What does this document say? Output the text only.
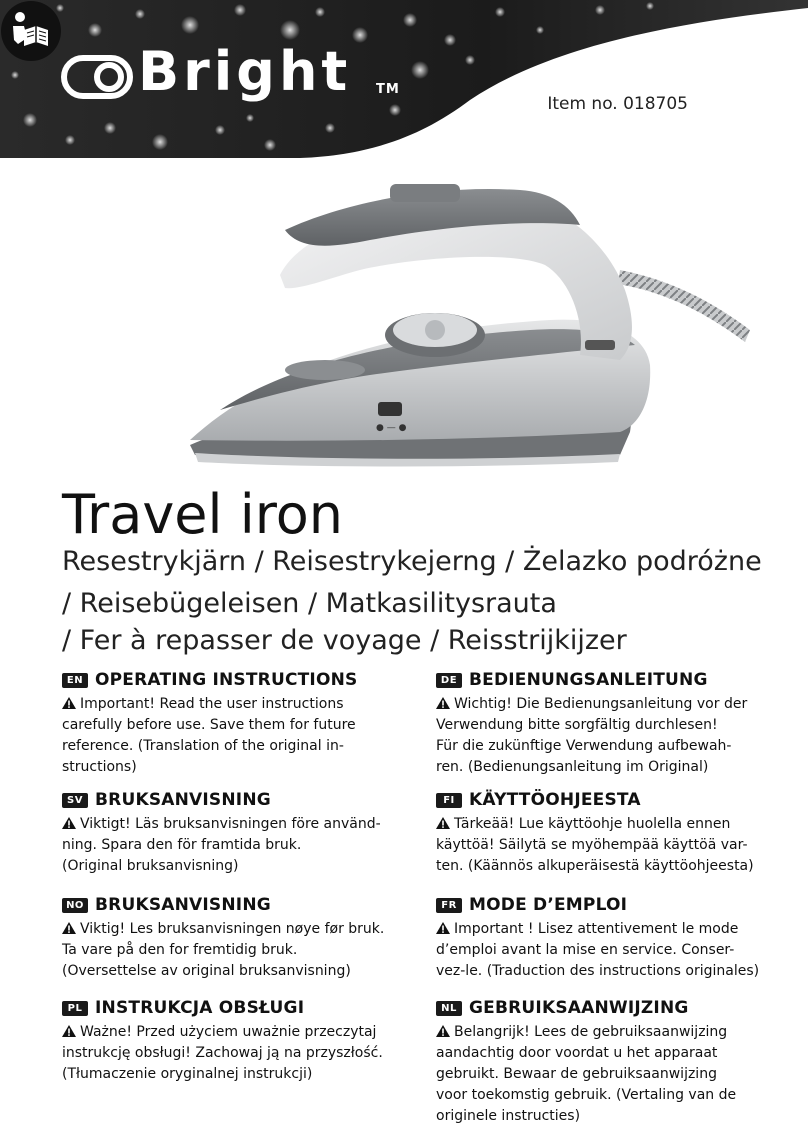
Bright TM
Item no. 018705
● — ●
Travel iron

Resestrykjärn / Reisestrykejerng / Żelazko podróżne

/ Reisebügeleisen / Matkasilitysrauta

/ Fer à repasser de voyage / Reisstrijkijzer

EN OPERATING INSTRUCTIONS
Important! Read the user instructions
carefully before use. Save them for future
reference. (Translation of the original in-
structions)
SV BRUKSANVISNING
Viktigt! Läs bruksanvisningen före använd-
ning. Spara den för framtida bruk.
(Original bruksanvisning)
NO BRUKSANVISNING
Viktig! Les bruksanvisningen nøye før bruk.
Ta vare på den for fremtidig bruk.
(Oversettelse av original bruksanvisning)
PL INSTRUKCJA OBSŁUGI
Ważne! Przed użyciem uważnie przeczytaj
instrukcję obsługi! Zachowaj ją na przyszłość.
(Tłumaczenie oryginalnej instrukcji)
DE BEDIENUNGSANLEITUNG
Wichtig! Die Bedienungsanleitung vor der
Verwendung bitte sorgfältig durchlesen!
Für die zukünftige Verwendung aufbewah-
ren. (Bedienungsanleitung im Original)
FI KÄYTTÖOHJEESTA
Tärkeää! Lue käyttöohje huolella ennen
käyttöä! Säilytä se myöhempää käyttöä var-
ten. (Käännös alkuperäisestä käyttöohjeesta)
FR MODE D’EMPLOI
Important ! Lisez attentivement le mode
d’emploi avant la mise en service. Conser-
vez-le. (Traduction des instructions originales)
NL GEBRUIKSAANWIJZING
Belangrijk! Lees de gebruiksaanwijzing
aandachtig door voordat u het apparaat
gebruikt. Bewaar de gebruiksaanwijzing
voor toekomstig gebruik. (Vertaling van de
originele instructies)
